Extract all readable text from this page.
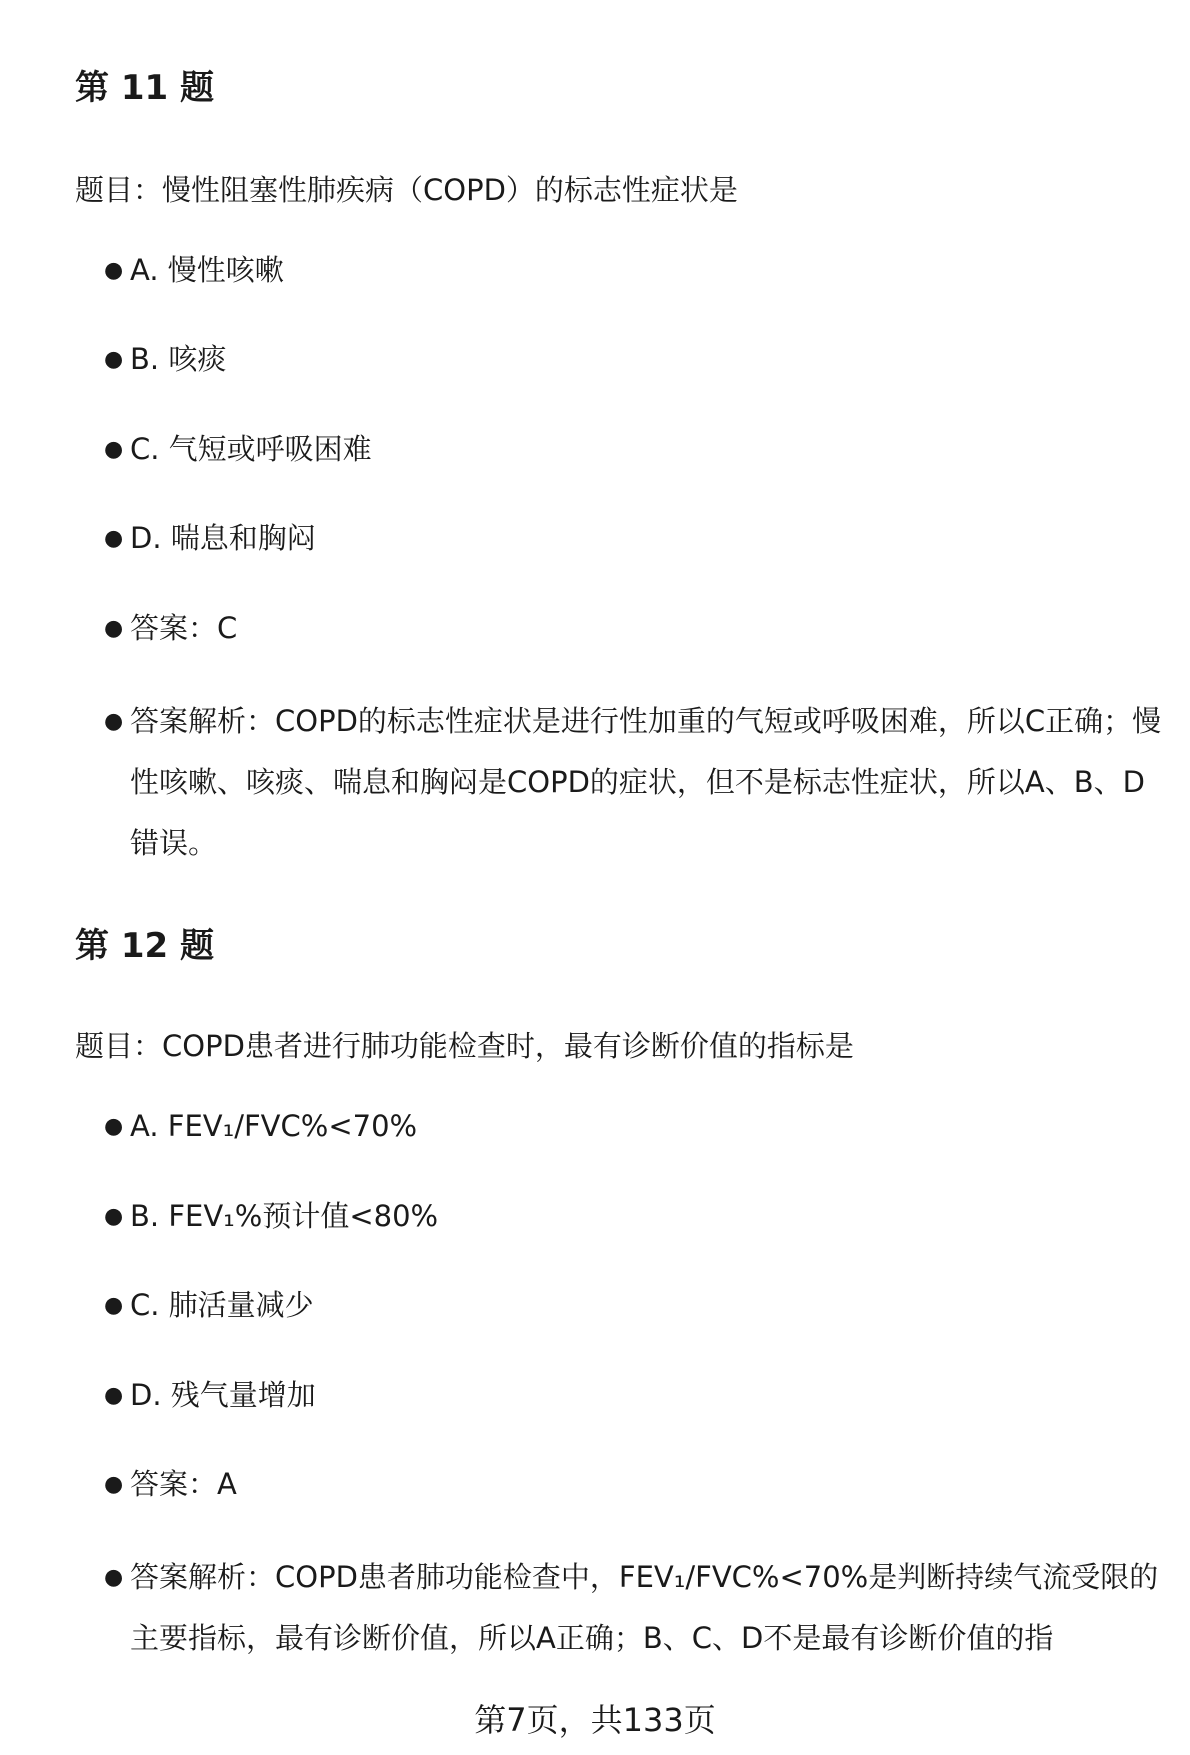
第 11 题

题目：慢性阻塞性肺疾病（COPD）的标志性症状是

● A. 慢性咳嗽
● B. 咳痰
● C. 气短或呼吸困难
● D. 喘息和胸闷
● 答案：C
● 答案解析：COPD的标志性症状是进行性加重的气短或呼吸困难，所以C正确；慢性咳嗽、咳痰、喘息和胸闷是COPD的症状，但不是标志性症状，所以A、B、D错误。
第 12 题

题目：COPD患者进行肺功能检查时，最有诊断价值的指标是

● A. FEV₁/FVC%<70%
● B. FEV₁%预计值<80%
● C. 肺活量减少
● D. 残气量增加
● 答案：A
● 答案解析：COPD患者肺功能检查中，FEV₁/FVC%<70%是判断持续气流受限的主要指标，最有诊断价值，所以A正确；B、C、D不是最有诊断价值的指
第7页，共133页
